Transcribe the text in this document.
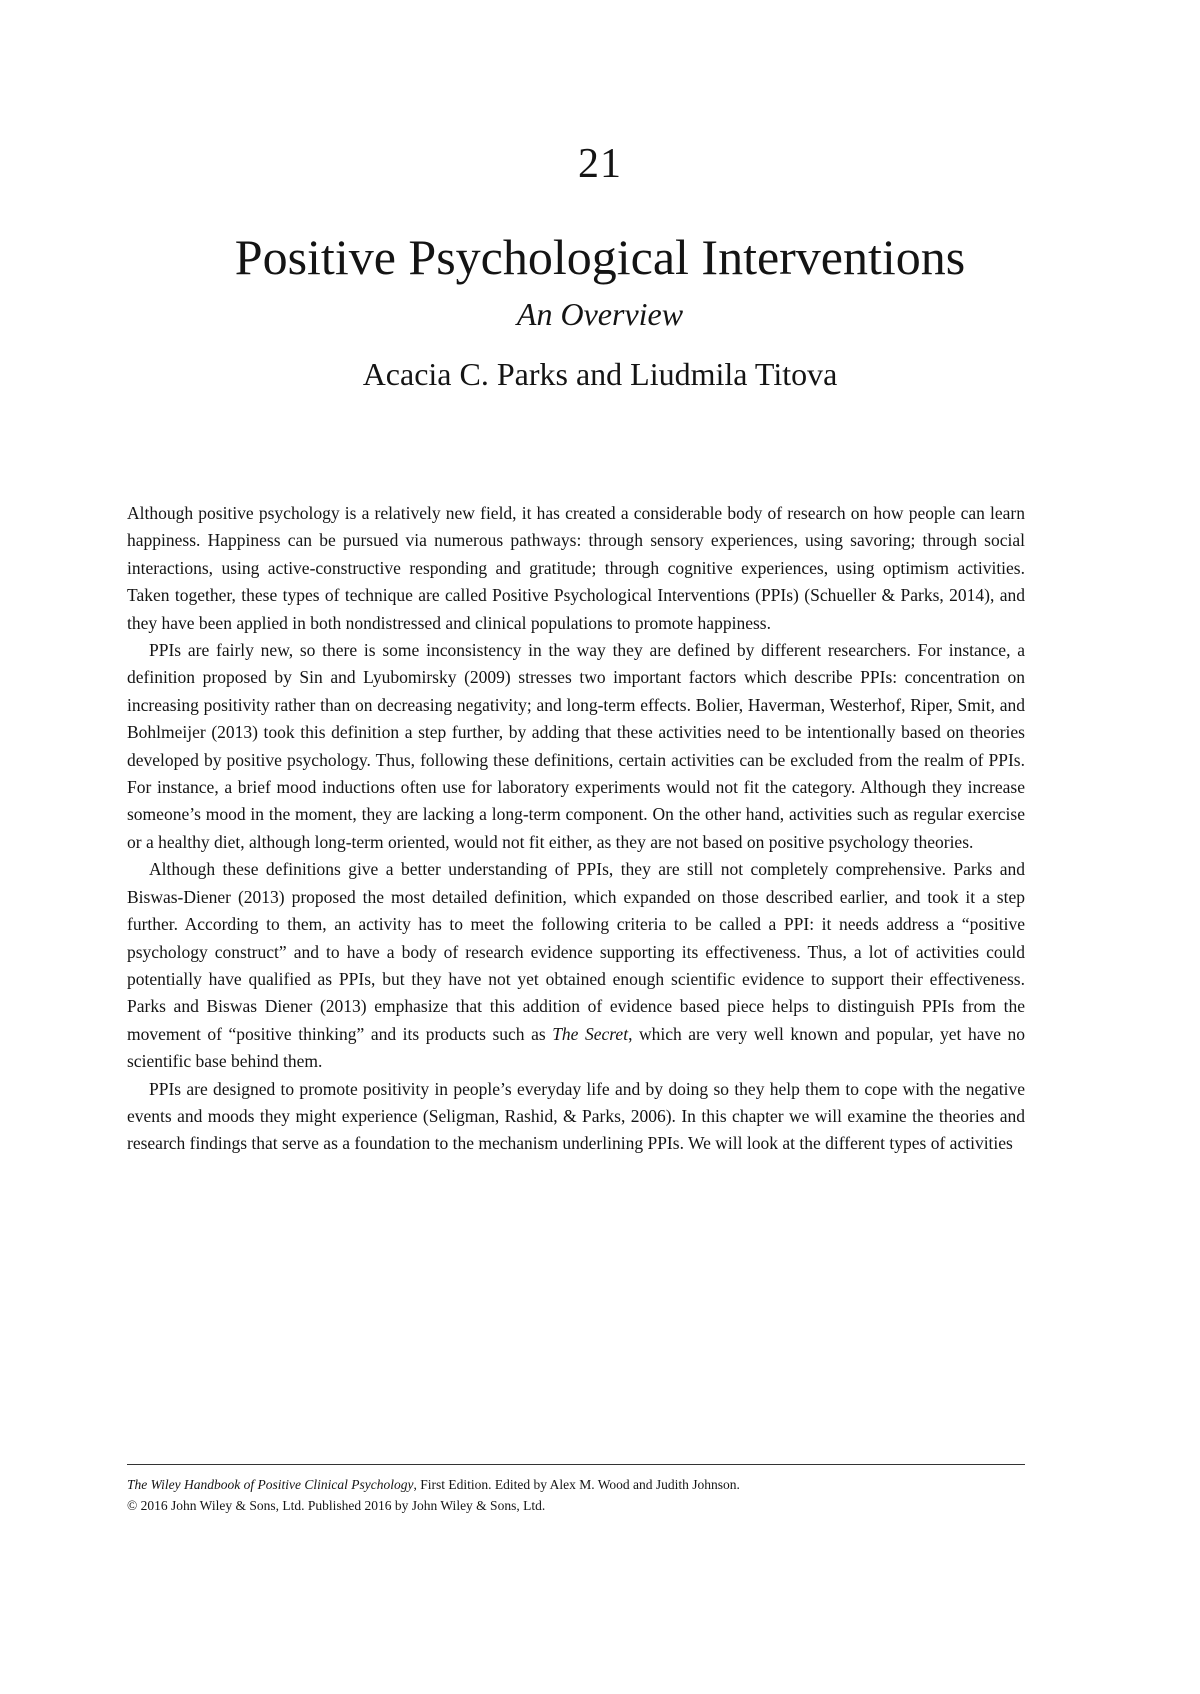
21
Positive Psychological Interventions
An Overview
Acacia C. Parks and Liudmila Titova

Although positive psychology is a relatively new field, it has created a considerable body of research on how people can learn happiness. Happiness can be pursued via numerous pathways: through sensory experiences, using savoring; through social interactions, using active-constructive responding and gratitude; through cognitive experiences, using optimism activities. Taken together, these types of technique are called Positive Psychological Interventions (PPIs) (Schueller & Parks, 2014), and they have been applied in both nondistressed and clinical populations to promote happiness.

PPIs are fairly new, so there is some inconsistency in the way they are defined by different researchers. For instance, a definition proposed by Sin and Lyubomirsky (2009) stresses two important factors which describe PPIs: concentration on increasing positivity rather than on decreasing negativity; and long-term effects. Bolier, Haverman, Westerhof, Riper, Smit, and Bohlmeijer (2013) took this definition a step further, by adding that these activities need to be intentionally based on theories developed by positive psychology. Thus, following these definitions, certain activities can be excluded from the realm of PPIs. For instance, a brief mood inductions often use for laboratory experiments would not fit the category. Although they increase someone’s mood in the moment, they are lacking a long-term component. On the other hand, activities such as regular exercise or a healthy diet, although long-term oriented, would not fit either, as they are not based on positive psychology theories.

Although these definitions give a better understanding of PPIs, they are still not completely comprehensive. Parks and Biswas-Diener (2013) proposed the most detailed definition, which expanded on those described earlier, and took it a step further. According to them, an activity has to meet the following criteria to be called a PPI: it needs address a “positive psychology construct” and to have a body of research evidence supporting its effectiveness. Thus, a lot of activities could potentially have qualified as PPIs, but they have not yet obtained enough scientific evidence to support their effectiveness. Parks and Biswas Diener (2013) emphasize that this addition of evidence based piece helps to distinguish PPIs from the movement of “positive thinking” and its products such as The Secret, which are very well known and popular, yet have no scientific base behind them.

PPIs are designed to promote positivity in people’s everyday life and by doing so they help them to cope with the negative events and moods they might experience (Seligman, Rashid, & Parks, 2006). In this chapter we will examine the theories and research findings that serve as a foundation to the mechanism underlining PPIs. We will look at the different types of activities

The Wiley Handbook of Positive Clinical Psychology, First Edition. Edited by Alex M. Wood and Judith Johnson.
© 2016 John Wiley & Sons, Ltd. Published 2016 by John Wiley & Sons, Ltd.
